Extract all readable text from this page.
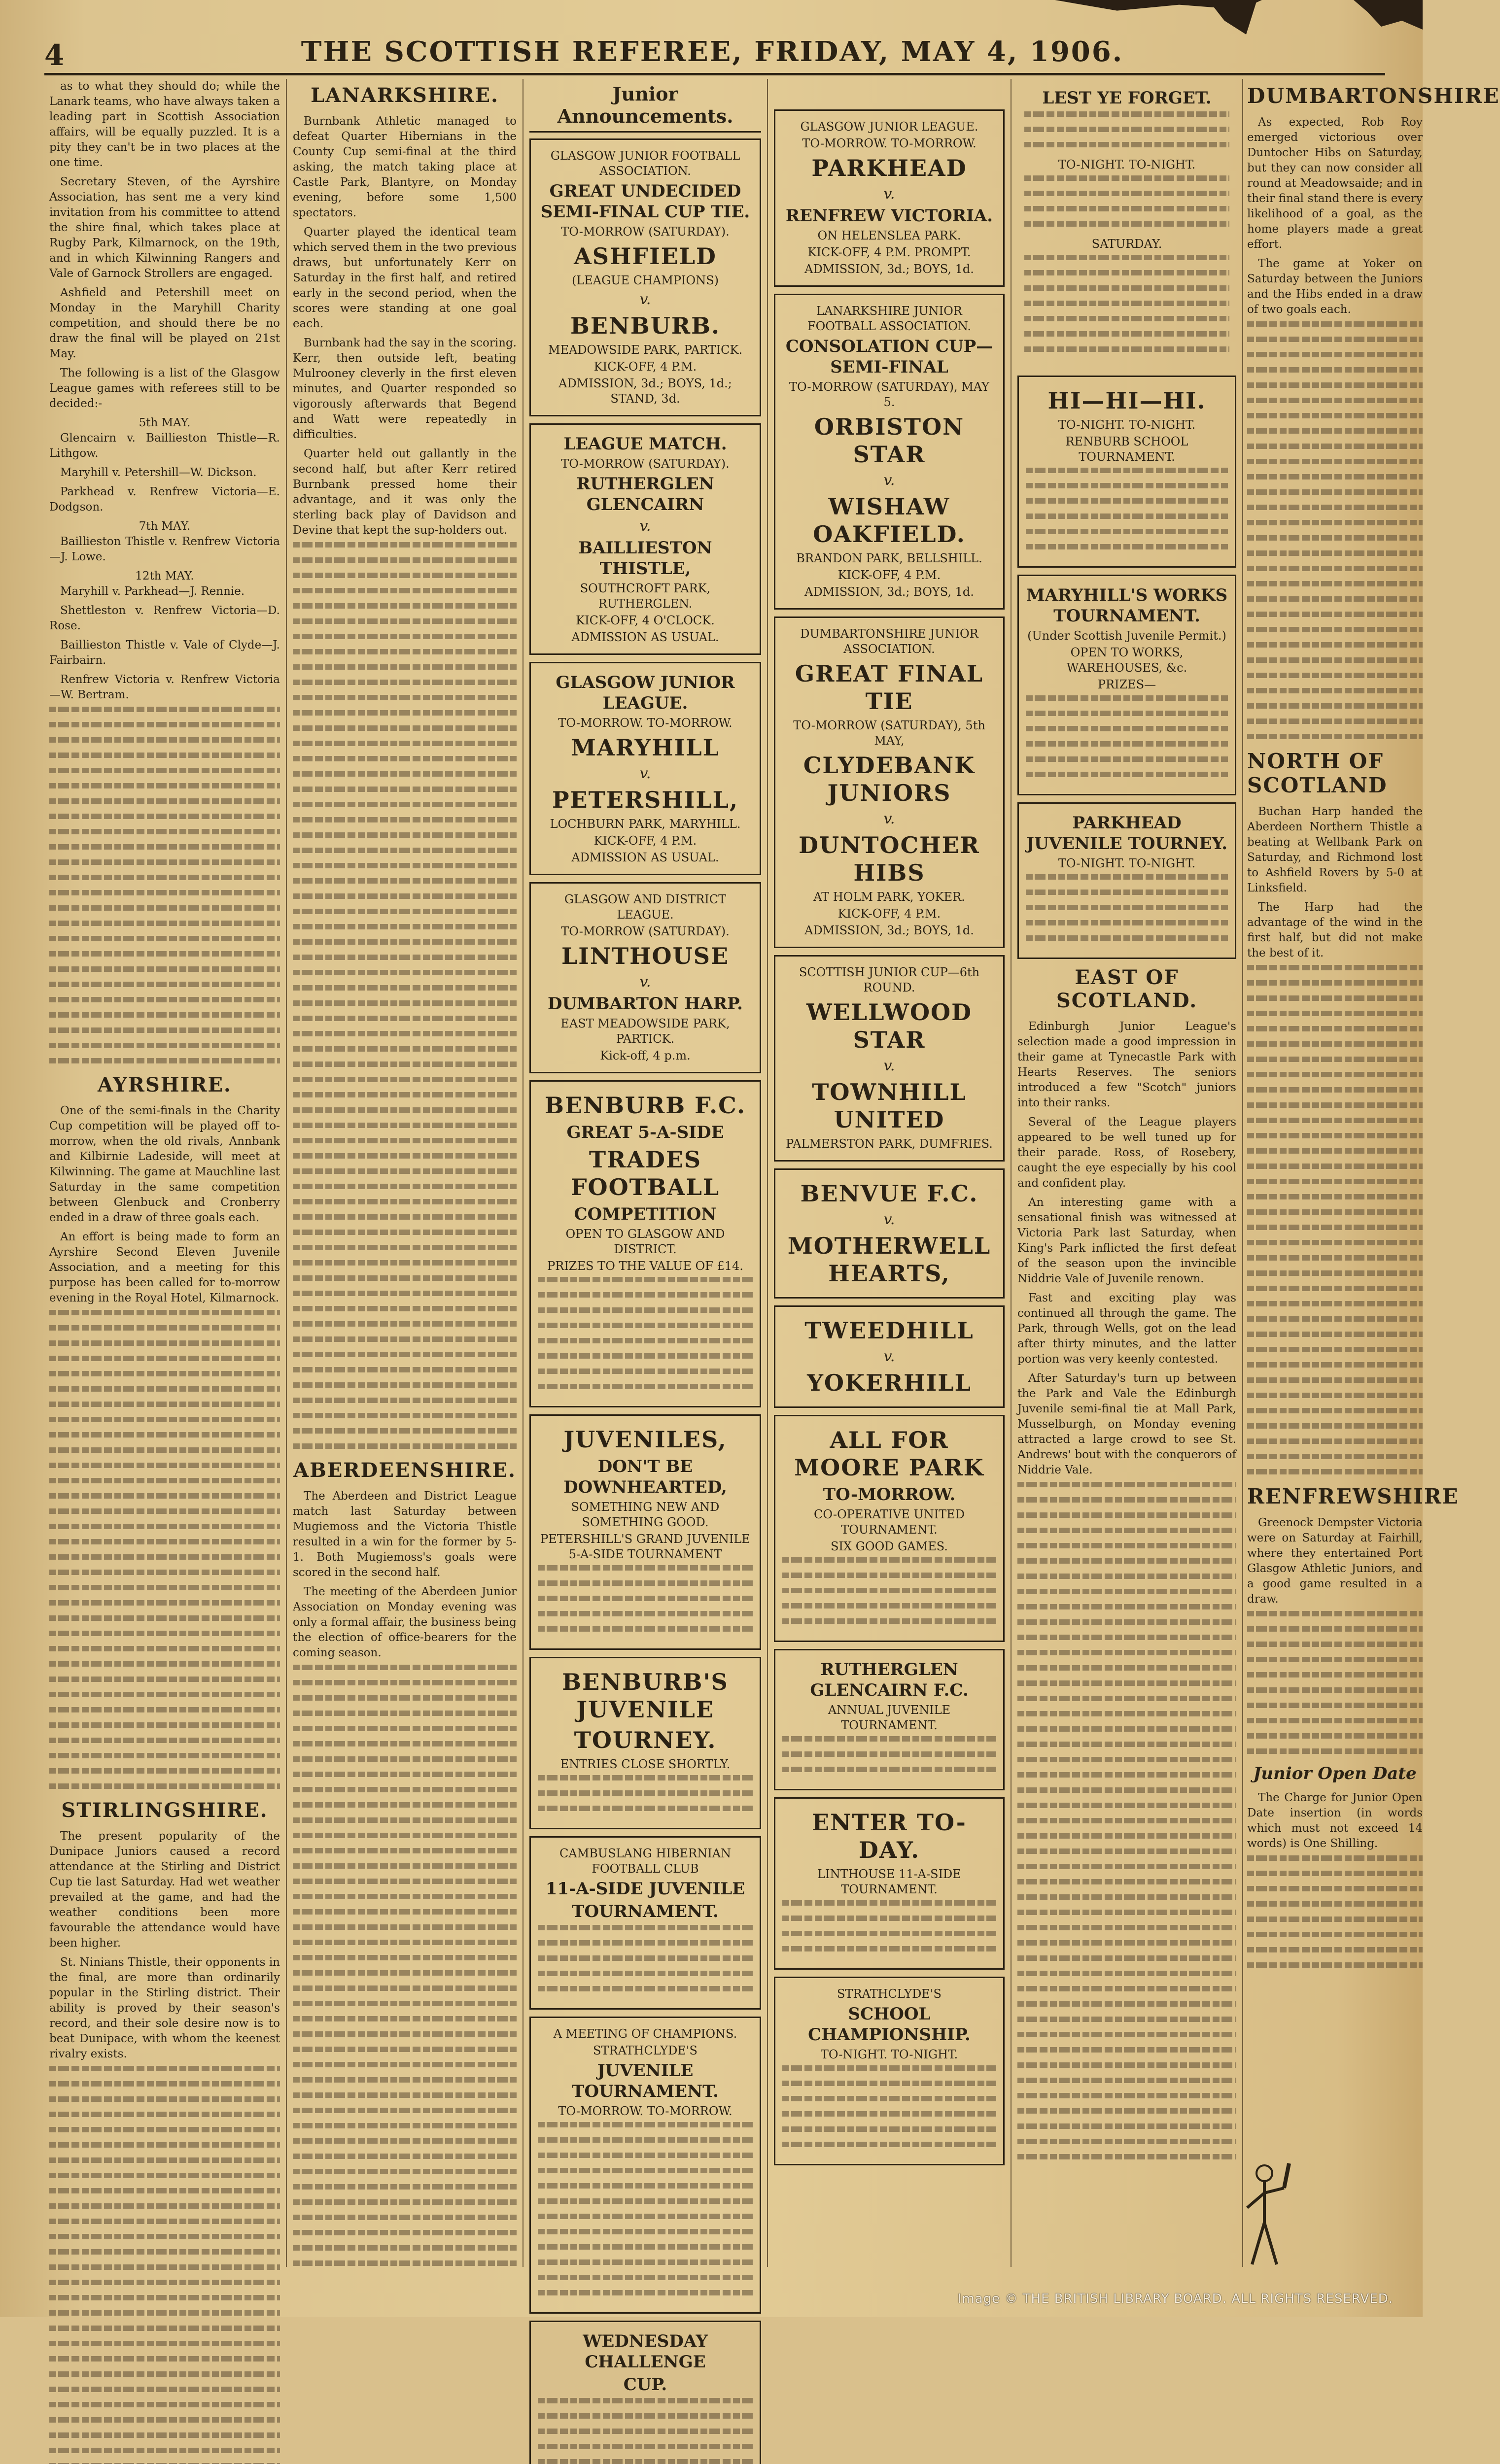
4	THE SCOTTISH REFEREE, FRIDAY, MAY 4, 1906.

as to what they should do; while the Lanark teams, who have always taken a leading part in Scottish Association affairs, will be equally puzzled. It is a pity they can't be in two places at the one time.

Secretary Steven, of the Ayrshire Association, has sent me a very kind invitation from his committee to attend the shire final, which takes place at Rugby Park, Kilmarnock, on the 19th, and in which Kilwinning Rangers and Vale of Garnock Strollers are engaged.

Ashfield and Petershill meet on Monday in the Maryhill Charity competition, and should there be no draw the final will be played on 21st May.

The following is a list of the Glasgow League games with referees still to be decided:-

5th MAY.

Glencairn v. Baillieston Thistle—R. Lithgow.

Maryhill v. Petershill—W. Dickson.

Parkhead v. Renfrew Victoria—E. Dodgson.

7th MAY.

Baillieston Thistle v. Renfrew Victoria—J. Lowe.

12th MAY.

Maryhill v. Parkhead—J. Rennie.

Shettleston v. Renfrew Victoria—D. Rose.

Baillieston Thistle v. Vale of Clyde—J. Fairbairn.

Renfrew Victoria v. Renfrew Victoria—W. Bertram.

AYRSHIRE.

One of the semi-finals in the Charity Cup competition will be played off to-morrow, when the old rivals, Annbank and Kilbirnie Ladeside, will meet at Kilwinning. The game at Mauchline last Saturday in the same competition between Glenbuck and Cronberry ended in a draw of three goals each.

An effort is being made to form an Ayrshire Second Eleven Juvenile Association, and a meeting for this purpose has been called for to-morrow evening in the Royal Hotel, Kilmarnock.

STIRLINGSHIRE.

The present popularity of the Dunipace Juniors caused a record attendance at the Stirling and District Cup tie last Saturday. Had wet weather prevailed at the game, and had the weather conditions been more favourable the attendance would have been higher.

St. Ninians Thistle, their opponents in the final, are more than ordinarily popular in the Stirling district. Their ability is proved by their season's record, and their sole desire now is to beat Dunipace, with whom the keenest rivalry exists.

LANARKSHIRE.

Burnbank Athletic managed to defeat Quarter Hibernians in the County Cup semi-final at the third asking, the match taking place at Castle Park, Blantyre, on Monday evening, before some 1,500 spectators.

Quarter played the identical team which served them in the two previous draws, but unfortunately Kerr on Saturday in the first half, and retired early in the second period, when the scores were standing at one goal each.

Burnbank had the say in the scoring. Kerr, then outside left, beating Mulrooney cleverly in the first eleven minutes, and Quarter responded so vigorously afterwards that Begend and Watt were repeatedly in difficulties.

Quarter held out gallantly in the second half, but after Kerr retired Burnbank pressed home their advantage, and it was only the sterling back play of Davidson and Devine that kept the sup-holders out.

ABERDEENSHIRE.

The Aberdeen and District League match last Saturday between Mugiemoss and the Victoria Thistle resulted in a win for the former by 5-1. Both Mugiemoss's goals were scored in the second half.

The meeting of the Aberdeen Junior Association on Monday evening was only a formal affair, the business being the election of office-bearers for the coming season.

Junior Announcements.
GLASGOW JUNIOR FOOTBALL ASSOCIATION.
GREAT UNDECIDED SEMI-FINAL CUP TIE.
TO-MORROW (SATURDAY).
ASHFIELD
(LEAGUE CHAMPIONS)
v.
BENBURB.
MEADOWSIDE PARK, PARTICK.
KICK-OFF, 4 P.M.
ADMISSION, 3d.; BOYS, 1d.; STAND, 3d.
LEAGUE MATCH.
TO-MORROW (SATURDAY).
RUTHERGLEN GLENCAIRN
v.
BAILLIESTON THISTLE,
SOUTHCROFT PARK, RUTHERGLEN.
KICK-OFF, 4 O'CLOCK.
ADMISSION AS USUAL.
GLASGOW JUNIOR LEAGUE.
TO-MORROW. TO-MORROW.
MARYHILL
v.
PETERSHILL,
LOCHBURN PARK, MARYHILL.
KICK-OFF, 4 P.M.
ADMISSION AS USUAL.
GLASGOW AND DISTRICT LEAGUE.
TO-MORROW (SATURDAY).
LINTHOUSE
v.
DUMBARTON HARP.
EAST MEADOWSIDE PARK, PARTICK.
Kick-off, 4 p.m.
BENBURB F.C.
GREAT 5-A-SIDE
TRADES FOOTBALL
COMPETITION
OPEN TO GLASGOW AND DISTRICT.
PRIZES TO THE VALUE OF £14.
JUVENILES,
DON'T BE DOWNHEARTED,
SOMETHING NEW AND SOMETHING GOOD.
PETERSHILL'S GRAND JUVENILE 5-A-SIDE TOURNAMENT
BENBURB'S JUVENILE
TOURNEY.
ENTRIES CLOSE SHORTLY.
CAMBUSLANG HIBERNIAN FOOTBALL CLUB
11-A-SIDE JUVENILE
TOURNAMENT.
A MEETING OF CHAMPIONS.
STRATHCLYDE'S
JUVENILE TOURNAMENT.
TO-MORROW. TO-MORROW.
WEDNESDAY CHALLENGE
CUP.
GLASGOW JUNIOR LEAGUE.
TO-MORROW. TO-MORROW.
PARKHEAD
v.
RENFREW VICTORIA.
ON HELENSLEA PARK.
KICK-OFF, 4 P.M. PROMPT.
ADMISSION, 3d.; BOYS, 1d.
LANARKSHIRE JUNIOR FOOTBALL ASSOCIATION.
CONSOLATION CUP—SEMI-FINAL
TO-MORROW (SATURDAY), MAY 5.
ORBISTON STAR
v.
WISHAW OAKFIELD.
BRANDON PARK, BELLSHILL.
KICK-OFF, 4 P.M.
ADMISSION, 3d.; BOYS, 1d.
DUMBARTONSHIRE JUNIOR ASSOCIATION.
GREAT FINAL TIE
TO-MORROW (SATURDAY), 5th MAY,
CLYDEBANK JUNIORS
v.
DUNTOCHER HIBS
AT HOLM PARK, YOKER.
KICK-OFF, 4 P.M.
ADMISSION, 3d.; BOYS, 1d.
SCOTTISH JUNIOR CUP—6th ROUND.
WELLWOOD STAR
v.
TOWNHILL UNITED
PALMERSTON PARK, DUMFRIES.
BENVUE F.C.
v.
MOTHERWELL HEARTS,
TWEEDHILL
v.
YOKERHILL
ALL FOR MOORE PARK
TO-MORROW.
CO-OPERATIVE UNITED TOURNAMENT.
SIX GOOD GAMES.
RUTHERGLEN GLENCAIRN F.C.
ANNUAL JUVENILE TOURNAMENT.
ENTER TO-DAY.
LINTHOUSE 11-A-SIDE TOURNAMENT.
STRATHCLYDE'S
SCHOOL CHAMPIONSHIP.
TO-NIGHT. TO-NIGHT.
LEST YE FORGET.
TO-NIGHT. TO-NIGHT.
SATURDAY.
HI—HI—HI.
TO-NIGHT. TO-NIGHT.
RENBURB SCHOOL TOURNAMENT.
MARYHILL'S WORKS TOURNAMENT.
(Under Scottish Juvenile Permit.)
OPEN TO WORKS, WAREHOUSES, &c.
PRIZES—
PARKHEAD JUVENILE TOURNEY.
TO-NIGHT. TO-NIGHT.
EAST OF SCOTLAND.

Edinburgh Junior League's selection made a good impression in their game at Tynecastle Park with Hearts Reserves. The seniors introduced a few "Scotch" juniors into their ranks.

Several of the League players appeared to be well tuned up for their parade. Ross, of Rosebery, caught the eye especially by his cool and confident play.

An interesting game with a sensational finish was witnessed at Victoria Park last Saturday, when King's Park inflicted the first defeat of the season upon the invincible Niddrie Vale of Juvenile renown.

Fast and exciting play was continued all through the game. The Park, through Wells, got on the lead after thirty minutes, and the latter portion was very keenly contested.

After Saturday's turn up between the Park and Vale the Edinburgh Juvenile semi-final tie at Mall Park, Musselburgh, on Monday evening attracted a large crowd to see St. Andrews' bout with the conquerors of Niddrie Vale.

DUMBARTONSHIRE

As expected, Rob Roy emerged victorious over Duntocher Hibs on Saturday, but they can now consider all round at Meadowsaide; and in their final stand there is every likelihood of a goal, as the home players made a great effort.

The game at Yoker on Saturday between the Juniors and the Hibs ended in a draw of two goals each.

NORTH OF SCOTLAND

Buchan Harp handed the Aberdeen Northern Thistle a beating at Wellbank Park on Saturday, and Richmond lost to Ashfield Rovers by 5-0 at Linksfield.

The Harp had the advantage of the wind in the first half, but did not make the best of it.

RENFREWSHIRE

Greenock Dempster Victoria were on Saturday at Fairhill, where they entertained Port Glasgow Athletic Juniors, and a good game resulted in a draw.

Junior Open Date

The Charge for Junior Open Date insertion (in words which must not exceed 14 words) is One Shilling.

Image © THE BRITISH LIBRARY BOARD. ALL RIGHTS RESERVED.
